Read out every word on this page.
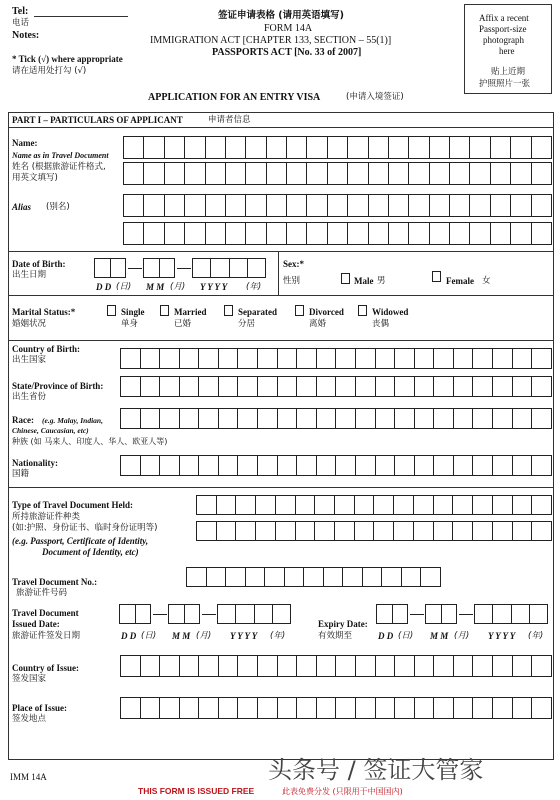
Tel:
电话
Notes:
* Tick (√) where appropriate
请在适用处打勾 (√)
签证申请表格 (请用英语填写)
FORM 14A
IMMIGRATION ACT [CHAPTER 133, SECTION – 55(1)]
PASSPORTS ACT [No. 33 of 2007]
Affix a recent
Passport-size
photograph
here
贴上近期
护照照片一张
APPLICATION FOR AN ENTRY VISA	(申请入境签证)
PART I – PARTICULARS OF APPLICANT	申请者信息
Name:
Name as in Travel Document
姓名 (根据旅游证件格式,
用英文填写)
Alias (别名)
Date of Birth:
出生日期
D D (日) M M (月) Y Y Y Y (年)
Sex:*
性别	Male 男	Female 女
Marital Status:*
婚姻状况
Single
单身
Married
已婚
Separated
分居
Divorced
离婚
Widowed
丧偶
Country of Birth:
出生国家
State/Province of Birth:
出生省份
Race: (e.g. Malay, Indian,
Chinese, Caucasian, etc)
种族 (如 马来人、印度人、华人、欧亚人等)
Nationality:
国籍
Type of Travel Document Held:
所持旅游证件种类
(如:护照、身份证书、临时身份证明等)
(e.g. Passport, Certificate of Identity,
Document of Identity, etc)
Travel Document No.:
旅游证件号码
Travel Document
Issued Date:
旅游证件签发日期	D D (日) M M (月) Y Y Y Y (年)
Expiry Date:
有效期至	D D (日) M M (月) Y Y Y Y (年)
Country of Issue:
签发国家
Place of Issue:
签发地点
IMM 14A
THIS FORM IS ISSUED FREE	此表免费分发 (只限用于中国国内)
头条号 / 签证大管家
